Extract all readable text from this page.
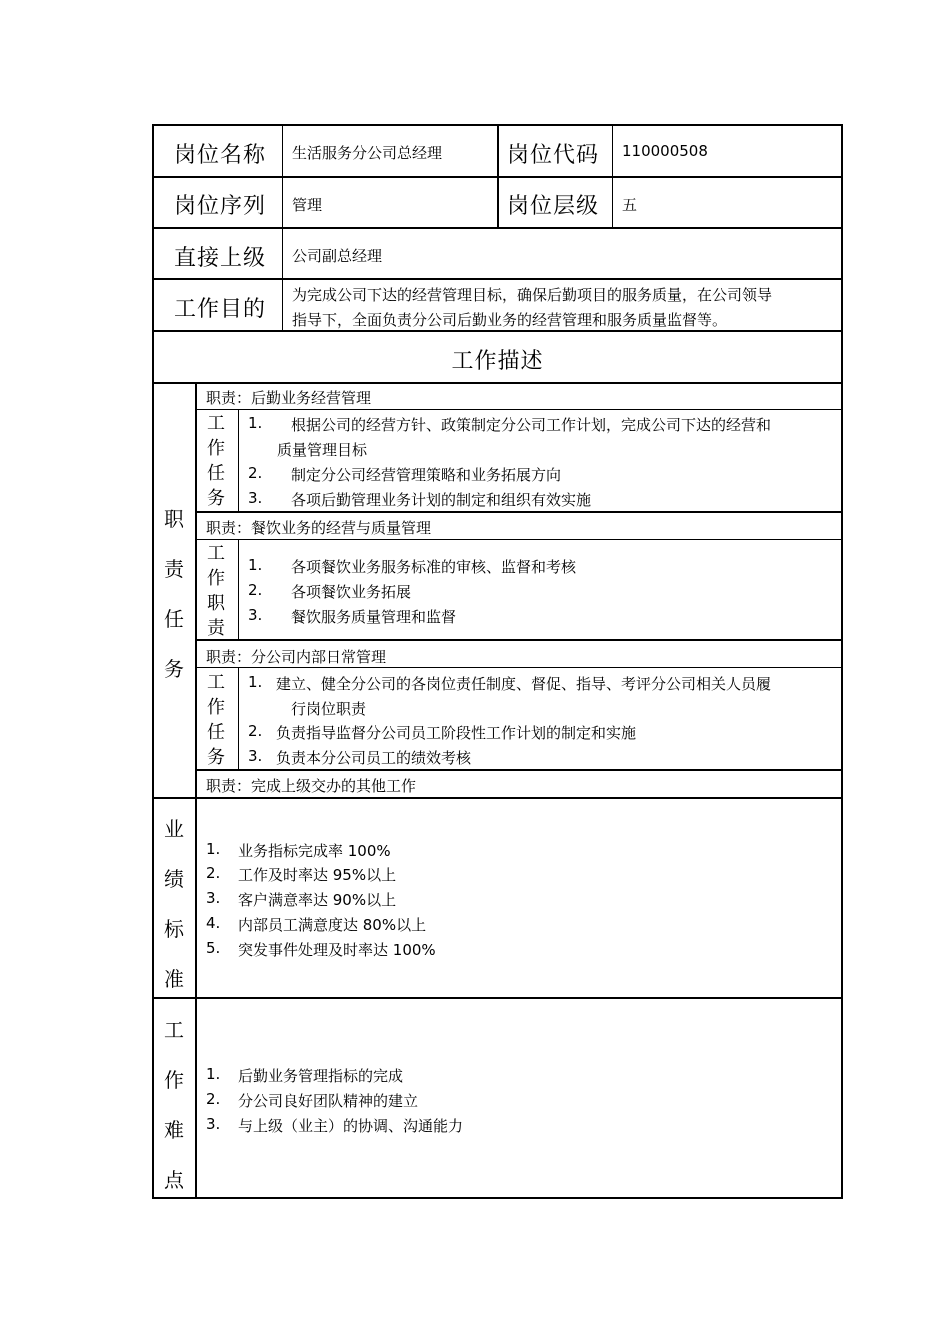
岗位名称 生活服务分公司总经理	岗位代码 110000508
岗位序列 管理	岗位层级 五
直接上级 公司副总经理
工作目的
为完成公司下达的经营管理目标，确保后勤项目的服务质量，在公司领导
指导下，全面负责分公司后勤业务的经营管理和服务质量监督等。
工作描述
职
责
任
务
职责：后勤业务经营管理
工
作
任
务
1. 根据公司的经营方针、政策制定分公司工作计划，完成公司下达的经营和
质量管理目标
2. 制定分公司经营管理策略和业务拓展方向
3. 各项后勤管理业务计划的制定和组织有效实施
职责：餐饮业务的经营与质量管理
工
作
职
责
1. 各项餐饮业务服务标准的审核、监督和考核
2. 各项餐饮业务拓展
3. 餐饮服务质量管理和监督
职责：分公司内部日常管理
工
作
任
务
1. 建立、健全分公司的各岗位责任制度、督促、指导、考评分公司相关人员履
行岗位职责
2. 负责指导监督分公司员工阶段性工作计划的制定和实施
3. 负责本分公司员工的绩效考核
职责：完成上级交办的其他工作
业
绩
标
准
1. 业务指标完成率 100%
2. 工作及时率达 95%以上
3. 客户满意率达 90%以上
4. 内部员工满意度达 80%以上
5. 突发事件处理及时率达 100%
工
作
难
点
1. 后勤业务管理指标的完成
2. 分公司良好团队精神的建立
3. 与上级（业主）的协调、沟通能力
